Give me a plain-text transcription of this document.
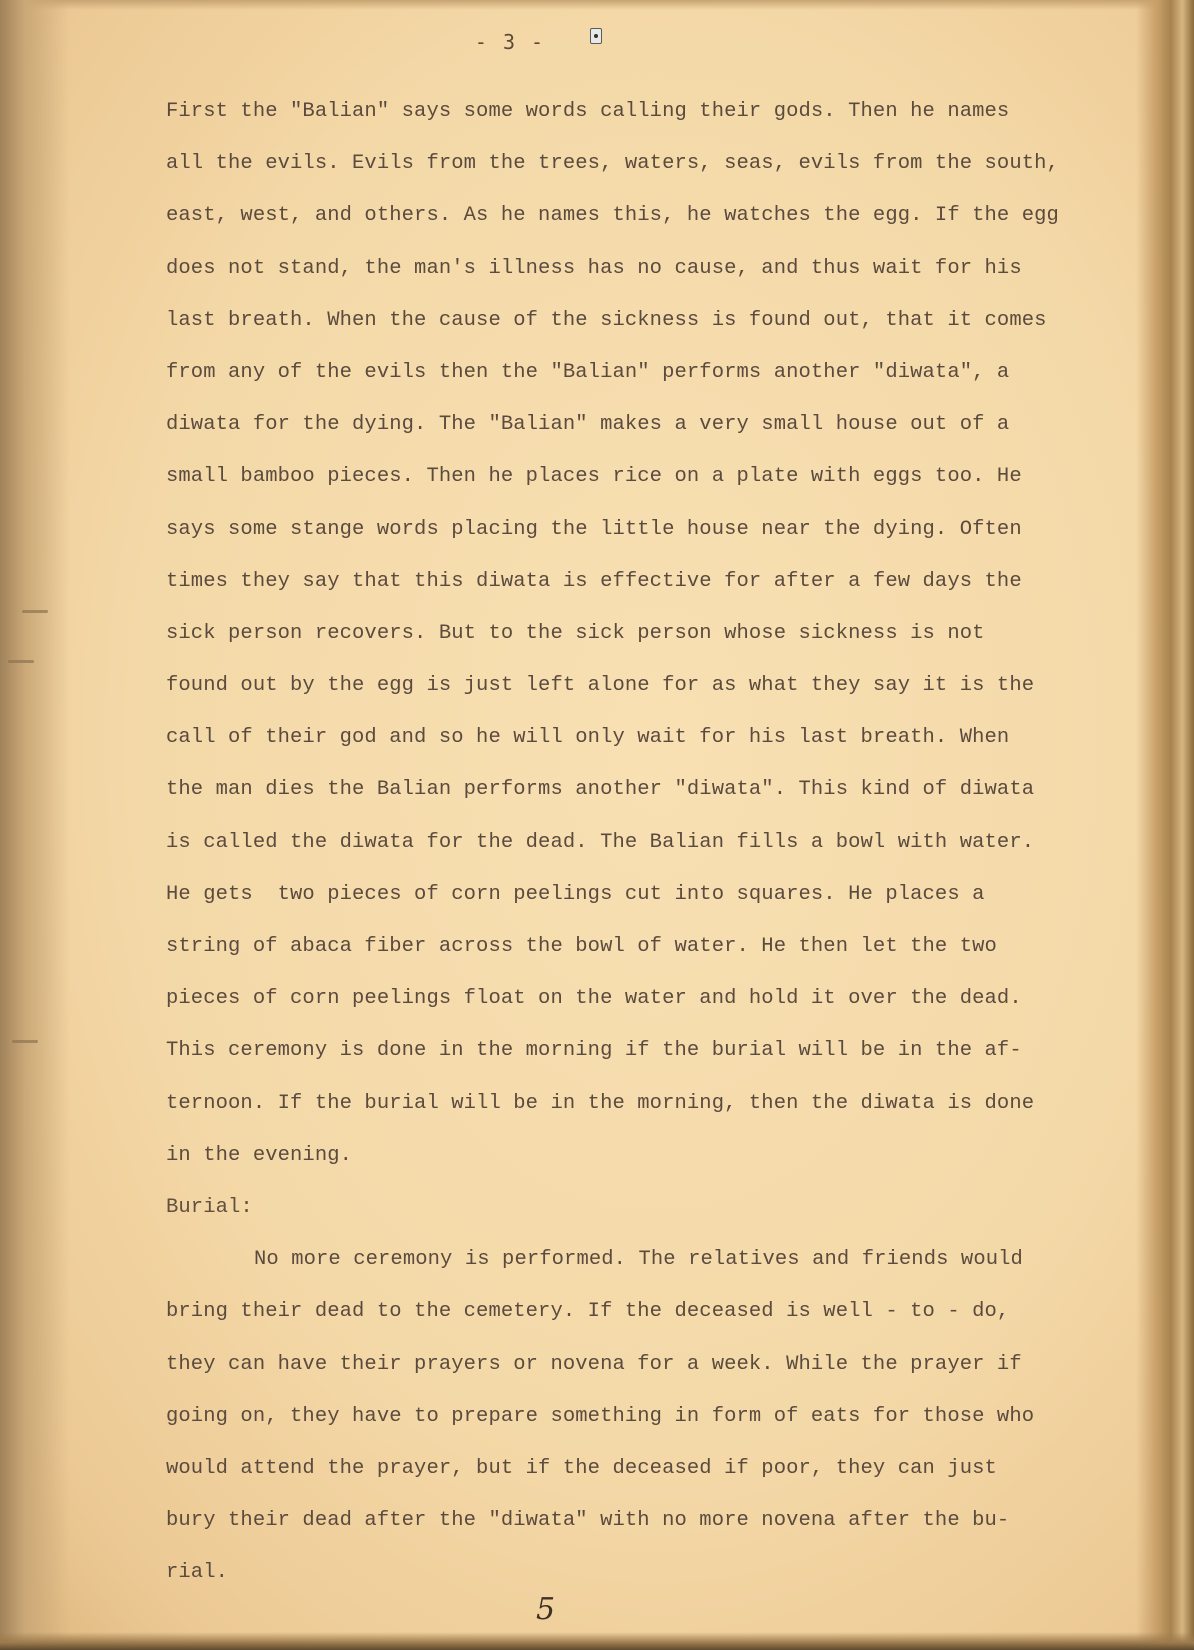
- 3 -
First the "Balian" says some words calling their gods. Then he names
all the evils. Evils from the trees, waters, seas, evils from the south,
east, west, and others. As he names this, he watches the egg. If the egg
does not stand, the man's illness has no cause, and thus wait for his
last breath. When the cause of the sickness is found out, that it comes
from any of the evils then the "Balian" performs another "diwata", a
diwata for the dying. The "Balian" makes a very small house out of a
small bamboo pieces. Then he places rice on a plate with eggs too. He
says some stange words placing the little house near the dying. Often
times they say that this diwata is effective for after a few days the
sick person recovers. But to the sick person whose sickness is not
found out by the egg is just left alone for as what they say it is the
call of their god and so he will only wait for his last breath. When
the man dies the Balian performs another "diwata". This kind of diwata
is called the diwata for the dead. The Balian fills a bowl with water.
He gets  two pieces of corn peelings cut into squares. He places a
string of abaca fiber across the bowl of water. He then let the two
pieces of corn peelings float on the water and hold it over the dead.
This ceremony is done in the morning if the burial will be in the af-
ternoon. If the burial will be in the morning, then the diwata is done
in the evening.
Burial:
No more ceremony is performed. The relatives and friends would
bring their dead to the cemetery. If the deceased is well - to - do,
they can have their prayers or novena for a week. While the prayer if
going on, they have to prepare something in form of eats for those who
would attend the prayer, but if the deceased if poor, they can just
bury their dead after the "diwata" with no more novena after the bu-
rial.
5
